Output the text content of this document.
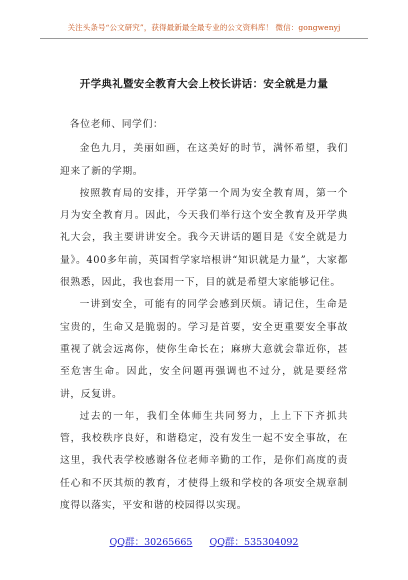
关注头条号“公文研究”，获得最新最全最专业的公文资料库！ 微信：gongwenyj
开学典礼暨安全教育大会上校长讲话：安全就是力量

各位老师、同学们：

金色九月，美丽如画，在这美好的时节，满怀希望，我们迎来了新的学期。

按照教育局的安排，开学第一个周为安全教育周，第一个月为安全教育月。因此，今天我们举行这个安全教育及开学典礼大会，我主要讲讲安全。我今天讲话的题目是《安全就是力量》。400多年前，英国哲学家培根讲“知识就是力量”，大家都很熟悉，因此，我也套用一下，目的就是希望大家能够记住。

一讲到安全，可能有的同学会感到厌烦。请记住，生命是宝贵的，生命又是脆弱的。学习是首要，安全更重要安全事故重视了就会远离你，使你生命长在；麻痹大意就会靠近你，甚至危害生命。因此，安全问题再强调也不过分，就是要经常讲，反复讲。

过去的一年，我们全体师生共同努力，上上下下齐抓共管，我校秩序良好，和谐稳定，没有发生一起不安全事故，在这里，我代表学校感谢各位老师辛勤的工作，是你们高度的责任心和不厌其烦的教育，才使得上级和学校的各项安全规章制度得以落实，平安和谐的校园得以实现。

QQ群：30265665 QQ群：535304092
